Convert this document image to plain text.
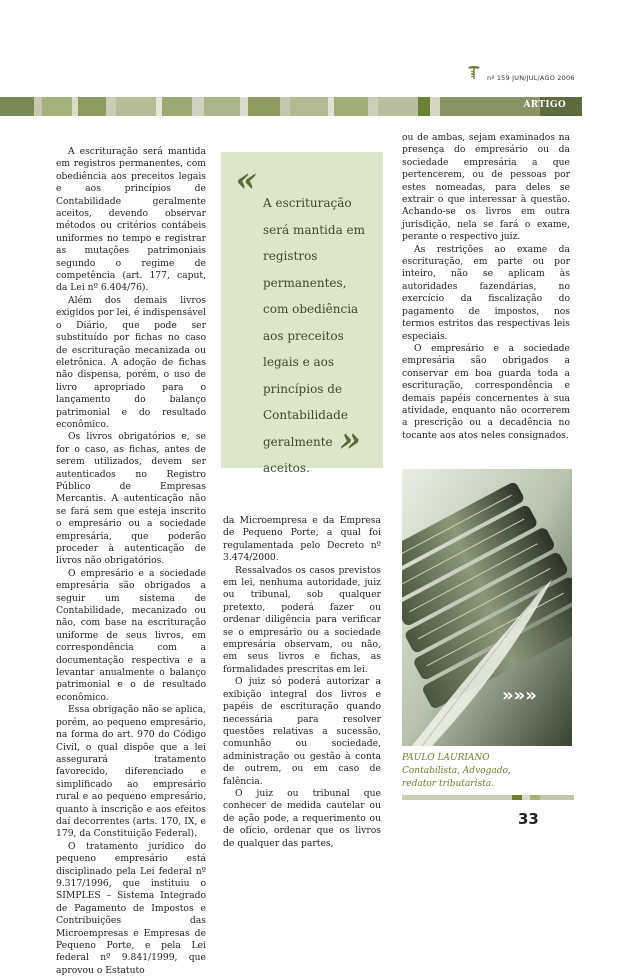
nº 159 JUN/JUL/AGO 2006
ARTIGO

A escrituração será mantida em registros permanentes, com obediência aos preceitos legais e aos princípios de Contabilidade geralmente aceitos, devendo observar métodos ou critérios contábeis uniformes no tempo e registrar as mutações patrimoniais segundo o regime de competência (art. 177, caput, da Lei nº 6.404/76).

Além dos demais livros exigidos por lei, é indispensável o Diário, que pode ser substituído por fichas no caso de escrituração mecanizada ou eletrônica. A adoção de fichas não dispensa, porém, o uso de livro apropriado para o lançamento do balanço patrimonial e do resultado econômico.

Os livros obrigatórios e, se for o caso, as fichas, antes de serem utilizados, devem ser autenticados no Registro Público de Empresas Mercantis. A autenticação não se fará sem que esteja inscrito o empresário ou a sociedade empresária, que poderão proceder à autenticação de livros não obrigatórios.

O empresário e a sociedade empresária são obrigados a seguir um sistema de Contabilidade, mecanizado ou não, com base na escrituração uniforme de seus livros, em correspondência com a documentação respectiva e a levantar anualmente o balanço patrimonial e o de resultado econômico.

Essa obrigação não se aplica, porém, ao pequeno empresário, na forma do art. 970 do Código Civil, o qual dispõe que a lei assegurará tratamento favorecido, diferenciado e simplificado ao empresário rural e ao pequeno empresário, quanto à inscrição e aos efeitos daí decorrentes (arts. 170, IX, e 179, da Constituição Federal).

O tratamento jurídico do pequeno empresário está disciplinado pela Lei federal nº 9.317/1996, que instituiu o SIMPLES – Sistema Integrado de Pagamento de Impostos e Contribuições das Microempresas e Empresas de Pequeno Porte, e pela Lei federal nº 9.841/1999, que aprovou o Estatuto

«
A escrituração será mantida em registros permanentes, com obediência aos preceitos legais e aos princípios de Contabilidade geralmente aceitos.
»

da Microempresa e da Empresa de Pequeno Porte, a qual foi regulamentada pelo Decreto nº 3.474/2000.

Ressalvados os casos previstos em lei, nenhuma autoridade, juiz ou tribunal, sob qualquer pretexto, poderá fazer ou ordenar diligência para verificar se o empresário ou a sociedade empresária observam, ou não, em seus livros e fichas, as formalidades prescritas em lei.

O juiz só poderá autorizar a exibição integral dos livros e papéis de escrituração quando necessária para resolver questões relativas a sucessão, comunhão ou sociedade, administração ou gestão à conta de outrem, ou em caso de falência.

O juiz ou tribunal que conhecer de medida cautelar ou de ação pode, a requerimento ou de ofício, ordenar que os livros de qualquer das partes,

ou de ambas, sejam examinados na presença do empresário ou da sociedade empresária a que pertencerem, ou de pessoas por estes nomeadas, para deles se extrair o que interessar à questão. Achando-se os livros em outra jurisdição, nela se fará o exame, perante o respectivo juiz.

As restrições ao exame da escrituração, em parte ou por inteiro, não se aplicam às autoridades fazendárias, no exercício da fiscalização do pagamento de impostos, nos termos estritos das respectivas leis especiais.

O empresário e a sociedade empresária são obrigados a conservar em boa guarda toda a escrituração, correspondência e demais papéis concernentes à sua atividade, enquanto não ocorrerem a prescrição ou a decadência no tocante aos atos neles consignados.

»»»
PAULO LAURIANO
Contabilista, Advogado,
redator tributarista.
33
